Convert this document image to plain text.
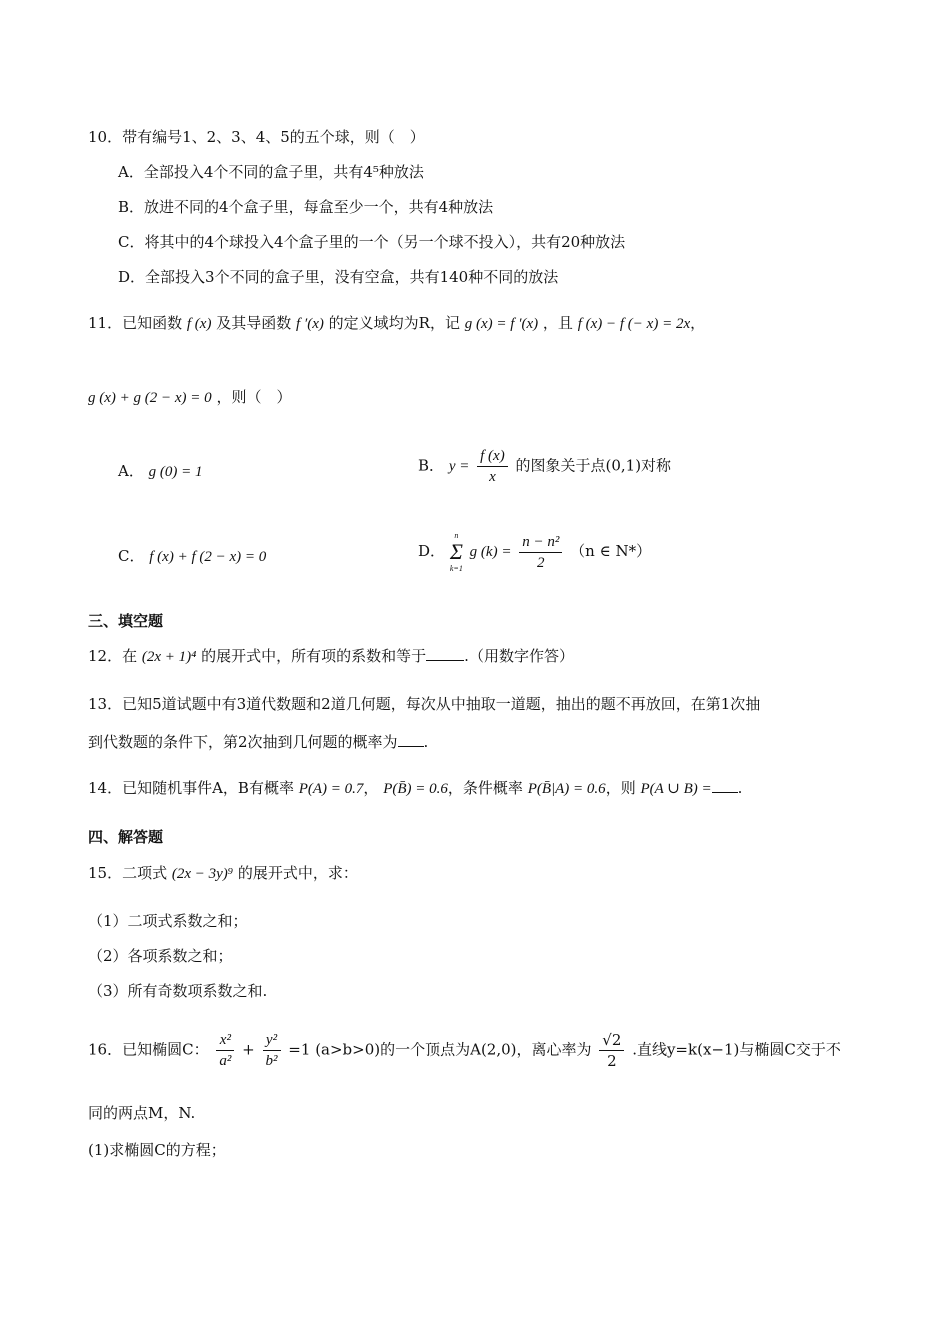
10．带有编号1、2、3、4、5的五个球，则（　）
A．全部投入4个不同的盒子里，共有4⁵种放法
B．放进不同的4个盒子里，每盒至少一个，共有4种放法
C．将其中的4个球投入4个盒子里的一个（另一个球不投入），共有20种放法
D．全部投入3个不同的盒子里，没有空盒，共有140种不同的放法
11．已知函数 f (x) 及其导函数 f ′(x) 的定义域均为R，记 g (x) = f ′(x) ，且 f (x) − f (− x) = 2x，
g (x) + g (2 − x) = 0 ，则（　）
A． g (0) = 1	B． $y = \frac{f (x)}{x}$ 的图象关于点(0,1)对称
C． f (x) + f (2 − x) = 0	D．
n
Σ
k=1
g $(k) = \frac{\text{n − n²}}{2} (n$ ∈ N*）
三、填空题
12．在 (2x + 1)⁴ 的展开式中，所有项的系数和等于	.（用数字作答）
13．已知5道试题中有3道代数题和2道几何题，每次从中抽取一道题，抽出的题不再放回，在第1次抽
到代数题的条件下，第2次抽到几何题的概率为 .
14．已知随机事件A，B有概率 P(A) = 0.7， P(B̄) = 0.6，条件概率 P(B̄|A) = 0.6，则 P(A ∪ B) = .
四、解答题
15．二项式 (2x − 3y)⁹ 的展开式中，求：
（1）二项式系数之和；
（2）各项系数之和；
（3）所有奇数项系数之和.
16．已知椭圆C： $\frac{\text{x²}}{\text{a²}} + \frac{\text{y²}}{\text{b²}} =1$ (a>b>0)的一个顶点为A(2,0)，离心率为 $\frac{√2}{2}$ .直线y=k(x−1)与椭圆C交于不
同的两点M，N.
(1)求椭圆C的方程；
